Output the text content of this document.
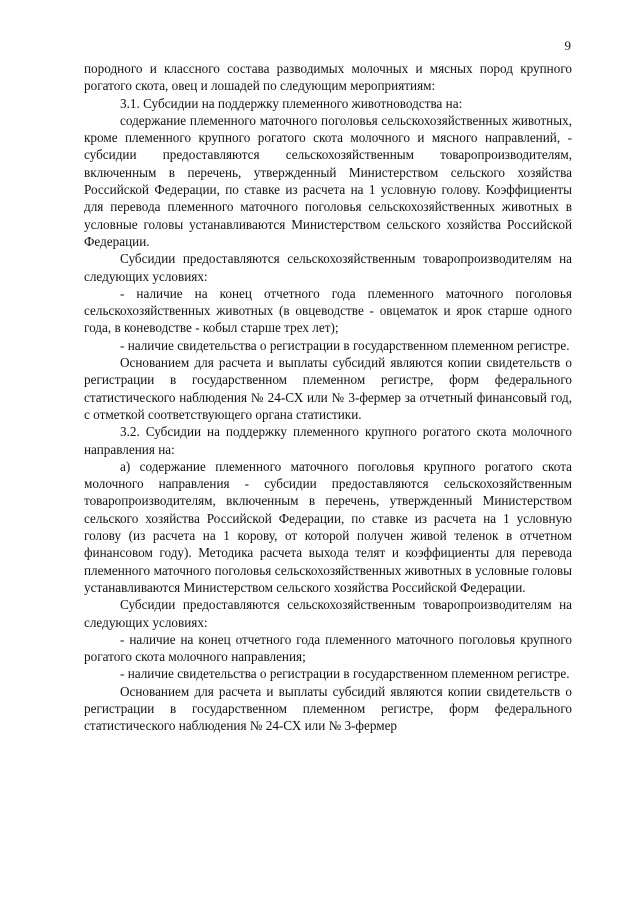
9

породного и классного состава разводимых молочных и мясных пород крупного рогатого скота, овец и лошадей по следующим мероприятиям:

3.1. Субсидии на поддержку племенного животноводства на:

содержание племенного маточного поголовья сельскохозяйственных животных, кроме племенного крупного рогатого скота молочного и мясного направлений, - субсидии предоставляются сельскохозяйственным товаропроизводителям, включенным в перечень, утвержденный Министерством сельского хозяйства Российской Федерации, по ставке из расчета на 1 условную голову. Коэффициенты для перевода племенного маточного поголовья сельскохозяйственных животных в условные головы устанавливаются Министерством сельского хозяйства Российской Федерации.

Субсидии предоставляются сельскохозяйственным товаропроизводителям на следующих условиях:

- наличие на конец отчетного года племенного маточного поголовья сельскохозяйственных животных (в овцеводстве - овцематок и ярок старше одного года, в коневодстве - кобыл старше трех лет);

- наличие свидетельства о регистрации в государственном племенном регистре.

Основанием для расчета и выплаты субсидий являются копии свидетельств о регистрации в государственном племенном регистре, форм федерального статистического наблюдения № 24-СХ или № 3-фермер за отчетный финансовый год, с отметкой соответствующего органа статистики.

3.2. Субсидии на поддержку племенного крупного рогатого скота молочного направления на:

а) содержание племенного маточного поголовья крупного рогатого скота молочного направления - субсидии предоставляются сельскохозяйственным товаропроизводителям, включенным в перечень, утвержденный Министерством сельского хозяйства Российской Федерации, по ставке из расчета на 1 условную голову (из расчета на 1 корову, от которой получен живой теленок в отчетном финансовом году). Методика расчета выхода телят и коэффициенты для перевода племенного маточного поголовья сельскохозяйственных животных в условные головы устанавливаются Министерством сельского хозяйства Российской Федерации.

Субсидии предоставляются сельскохозяйственным товаропроизводителям на следующих условиях:

- наличие на конец отчетного года племенного маточного поголовья крупного рогатого скота молочного направления;

- наличие свидетельства о регистрации в государственном племенном регистре.

Основанием для расчета и выплаты субсидий являются копии свидетельств о регистрации в государственном племенном регистре, форм федерального статистического наблюдения № 24-СХ или № 3-фермер
